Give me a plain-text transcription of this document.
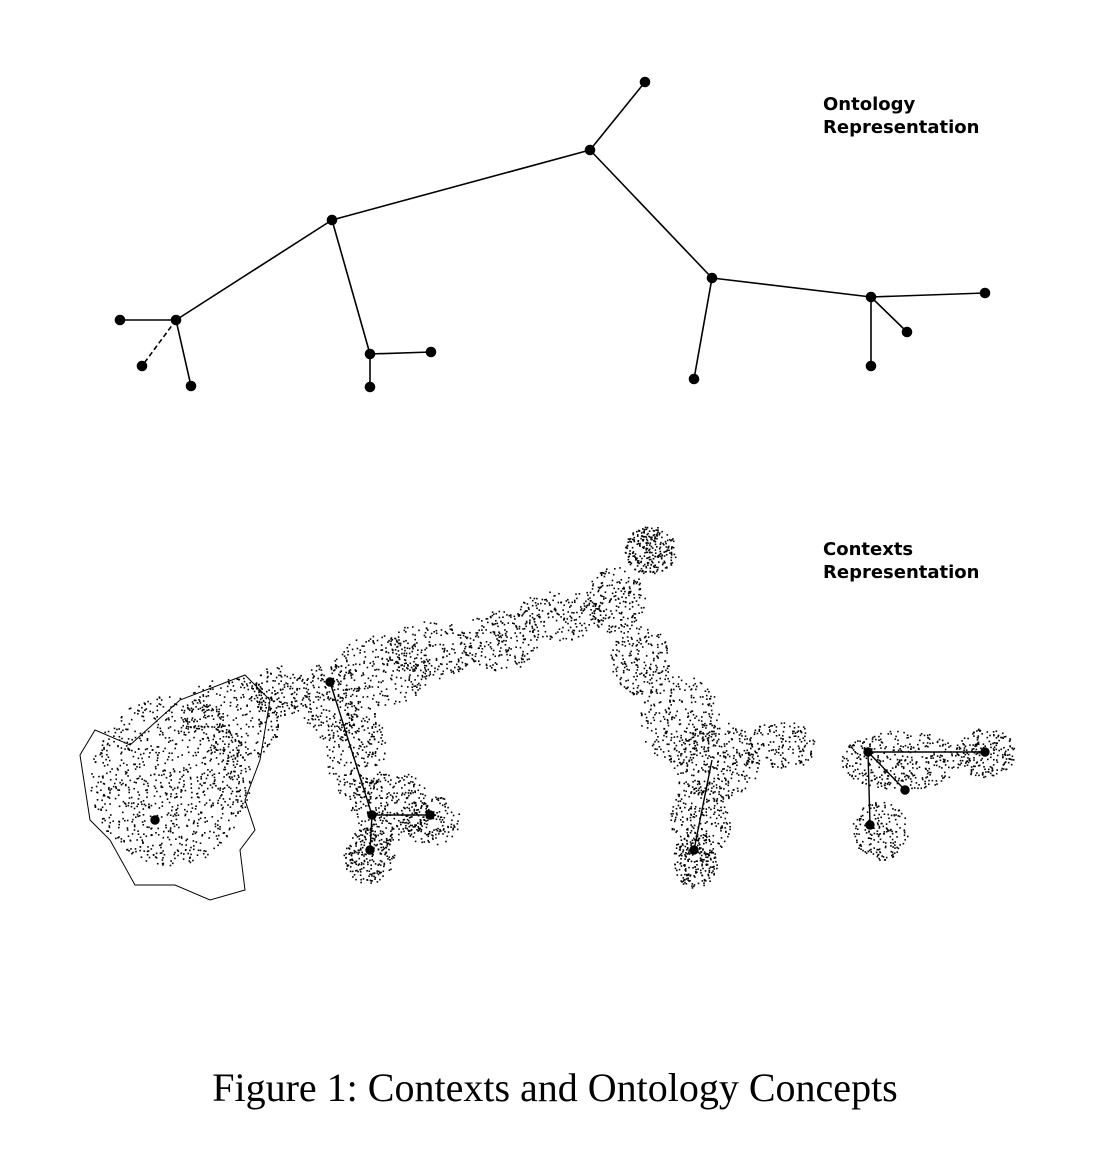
Ontology
Representation
Contexts
Representation
Figure 1: Contexts and Ontology Concepts
